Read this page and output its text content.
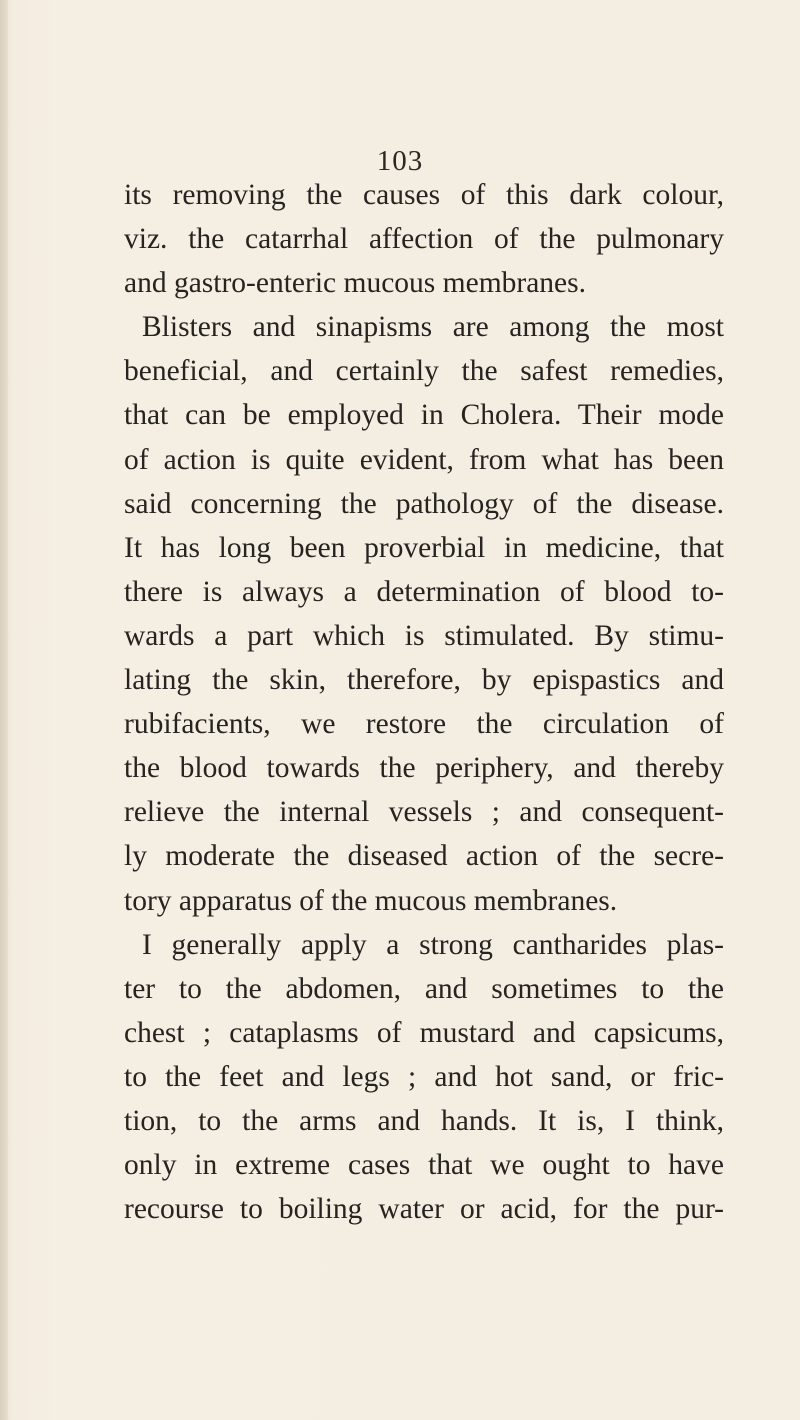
103
its removing the causes of this dark colour,
viz. the catarrhal affection of the pulmonary
and gastro-enteric mucous membranes.
Blisters and sinapisms are among the most
beneficial, and certainly the safest remedies,
that can be employed in Cholera. Their mode
of action is quite evident, from what has been
said concerning the pathology of the disease.
It has long been proverbial in medicine, that
there is always a determination of blood to-
wards a part which is stimulated. By stimu-
lating the skin, therefore, by epispastics and
rubifacients, we restore the circulation of
the blood towards the periphery, and thereby
relieve the internal vessels ; and consequent-
ly moderate the diseased action of the secre-
tory apparatus of the mucous membranes.
I generally apply a strong cantharides plas-
ter to the abdomen, and sometimes to the
chest ; cataplasms of mustard and capsicums,
to the feet and legs ; and hot sand, or fric-
tion, to the arms and hands. It is, I think,
only in extreme cases that we ought to have
recourse to boiling water or acid, for the pur-
